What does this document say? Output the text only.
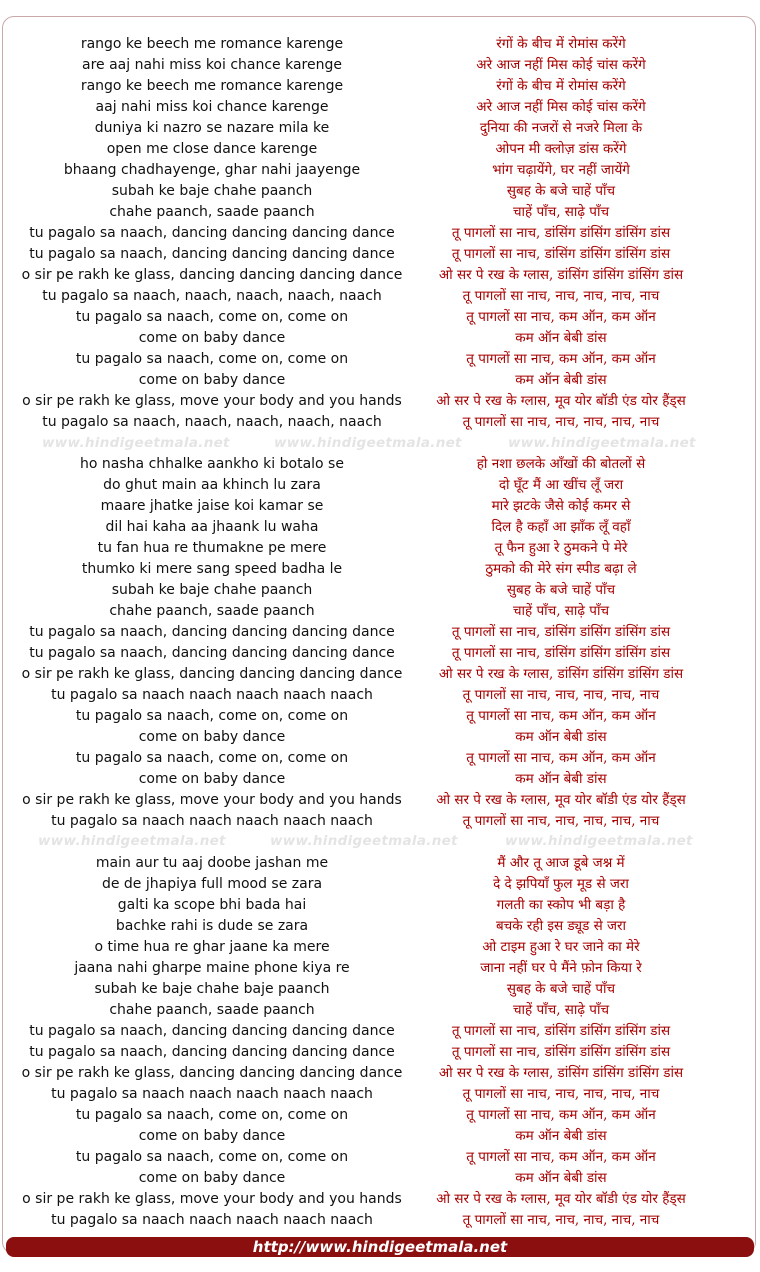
rango ke beech me romance karenge	रंगों के बीच में रोमांस करेंगे
are aaj nahi miss koi chance karenge	अरे आज नहीं मिस कोई चांस करेंगे
rango ke beech me romance karenge	रंगों के बीच में रोमांस करेंगे
aaj nahi miss koi chance karenge	अरे आज नहीं मिस कोई चांस करेंगे
duniya ki nazro se nazare mila ke	दुनिया की नजरों से नजरे मिला के
open me close dance karenge	ओपन मी क्लोज़ डांस करेंगे
bhaang chadhayenge, ghar nahi jaayenge	भांग चढ़ायेंगे, घर नहीं जायेंगे
subah ke baje chahe paanch	सुबह के बजे चाहें पाँच
chahe paanch, saade paanch	चाहें पाँच, साढ़े पाँच
tu pagalo sa naach, dancing dancing dancing dance	तू पागलों सा नाच, डांसिंग डांसिंग डांसिंग डांस
tu pagalo sa naach, dancing dancing dancing dance	तू पागलों सा नाच, डांसिंग डांसिंग डांसिंग डांस
o sir pe rakh ke glass, dancing dancing dancing dance	ओ सर पे रख के ग्लास, डांसिंग डांसिंग डांसिंग डांस
tu pagalo sa naach, naach, naach, naach, naach	तू पागलों सा नाच, नाच, नाच, नाच, नाच
tu pagalo sa naach, come on, come on	तू पागलों सा नाच, कम ऑन, कम ऑन
come on baby dance	कम ऑन बेबी डांस
tu pagalo sa naach, come on, come on	तू पागलों सा नाच, कम ऑन, कम ऑन
come on baby dance	कम ऑन बेबी डांस
o sir pe rakh ke glass, move your body and you hands	ओ सर पे रख के ग्लास, मूव योर बॉडी एंड योर हैंड्स
tu pagalo sa naach, naach, naach, naach, naach	तू पागलों सा नाच, नाच, नाच, नाच, नाच
www.hindigeetmala.net	www.hindigeetmala.net	www.hindigeetmala.net
ho nasha chhalke aankho ki botalo se	हो नशा छलके आँखों की बोतलों से
do ghut main aa khinch lu zara	दो घूँट मैं आ खींच लूँ जरा
maare jhatke jaise koi kamar se	मारे झटके जैसे कोई कमर से
dil hai kaha aa jhaank lu waha	दिल है कहाँ आ झाँक लूँ वहाँ
tu fan hua re thumakne pe mere	तू फैन हुआ रे ठुमकने पे मेरे
thumko ki mere sang speed badha le	ठुमको की मेरे संग स्पीड बढ़ा ले
subah ke baje chahe paanch	सुबह के बजे चाहें पाँच
chahe paanch, saade paanch	चाहें पाँच, साढ़े पाँच
tu pagalo sa naach, dancing dancing dancing dance	तू पागलों सा नाच, डांसिंग डांसिंग डांसिंग डांस
tu pagalo sa naach, dancing dancing dancing dance	तू पागलों सा नाच, डांसिंग डांसिंग डांसिंग डांस
o sir pe rakh ke glass, dancing dancing dancing dance	ओ सर पे रख के ग्लास, डांसिंग डांसिंग डांसिंग डांस
tu pagalo sa naach naach naach naach naach	तू पागलों सा नाच, नाच, नाच, नाच, नाच
tu pagalo sa naach, come on, come on	तू पागलों सा नाच, कम ऑन, कम ऑन
come on baby dance	कम ऑन बेबी डांस
tu pagalo sa naach, come on, come on	तू पागलों सा नाच, कम ऑन, कम ऑन
come on baby dance	कम ऑन बेबी डांस
o sir pe rakh ke glass, move your body and you hands	ओ सर पे रख के ग्लास, मूव योर बॉडी एंड योर हैंड्स
tu pagalo sa naach naach naach naach naach	तू पागलों सा नाच, नाच, नाच, नाच, नाच
www.hindigeetmala.net	www.hindigeetmala.net	www.hindigeetmala.net
main aur tu aaj doobe jashan me	मैं और तू आज डूबे जश्न में
de de jhapiya full mood se zara	दे दे झपियाँ फुल मूड से जरा
galti ka scope bhi bada hai	गलती का स्कोप भी बड़ा है
bachke rahi is dude se zara	बचके रही इस ड्यूड से जरा
o time hua re ghar jaane ka mere	ओ टाइम हुआ रे घर जाने का मेरे
jaana nahi gharpe maine phone kiya re	जाना नहीं घर पे मैंने फ़ोन किया रे
subah ke baje chahe baje paanch	सुबह के बजे चाहें पाँच
chahe paanch, saade paanch	चाहें पाँच, साढ़े पाँच
tu pagalo sa naach, dancing dancing dancing dance	तू पागलों सा नाच, डांसिंग डांसिंग डांसिंग डांस
tu pagalo sa naach, dancing dancing dancing dance	तू पागलों सा नाच, डांसिंग डांसिंग डांसिंग डांस
o sir pe rakh ke glass, dancing dancing dancing dance	ओ सर पे रख के ग्लास, डांसिंग डांसिंग डांसिंग डांस
tu pagalo sa naach naach naach naach naach	तू पागलों सा नाच, नाच, नाच, नाच, नाच
tu pagalo sa naach, come on, come on	तू पागलों सा नाच, कम ऑन, कम ऑन
come on baby dance	कम ऑन बेबी डांस
tu pagalo sa naach, come on, come on	तू पागलों सा नाच, कम ऑन, कम ऑन
come on baby dance	कम ऑन बेबी डांस
o sir pe rakh ke glass, move your body and you hands	ओ सर पे रख के ग्लास, मूव योर बॉडी एंड योर हैंड्स
tu pagalo sa naach naach naach naach naach	तू पागलों सा नाच, नाच, नाच, नाच, नाच
http://www.hindigeetmala.net
